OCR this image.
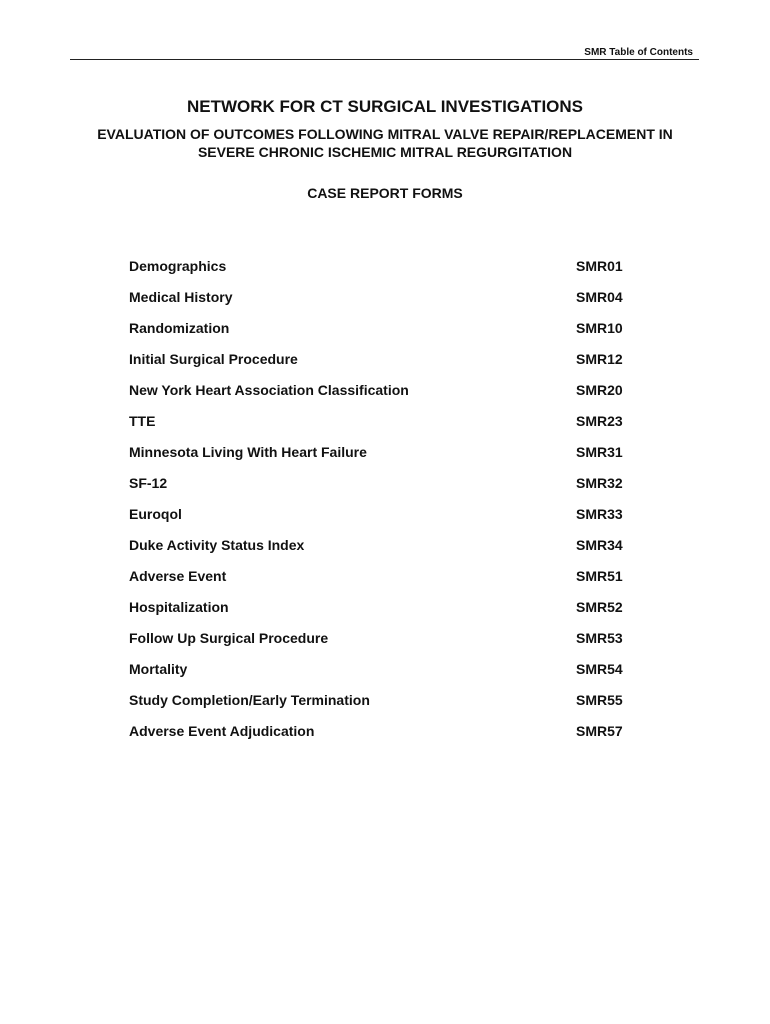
SMR Table of Contents
NETWORK FOR CT SURGICAL INVESTIGATIONS
EVALUATION OF OUTCOMES FOLLOWING MITRAL VALVE REPAIR/REPLACEMENT IN
SEVERE CHRONIC ISCHEMIC MITRAL REGURGITATION
CASE REPORT FORMS
Demographics	SMR01
Medical History	SMR04
Randomization	SMR10
Initial Surgical Procedure	SMR12
New York Heart Association Classification	SMR20
TTE	SMR23
Minnesota Living With Heart Failure	SMR31
SF-12	SMR32
Euroqol	SMR33
Duke Activity Status Index	SMR34
Adverse Event	SMR51
Hospitalization	SMR52
Follow Up Surgical Procedure	SMR53
Mortality	SMR54
Study Completion/Early Termination	SMR55
Adverse Event Adjudication	SMR57
